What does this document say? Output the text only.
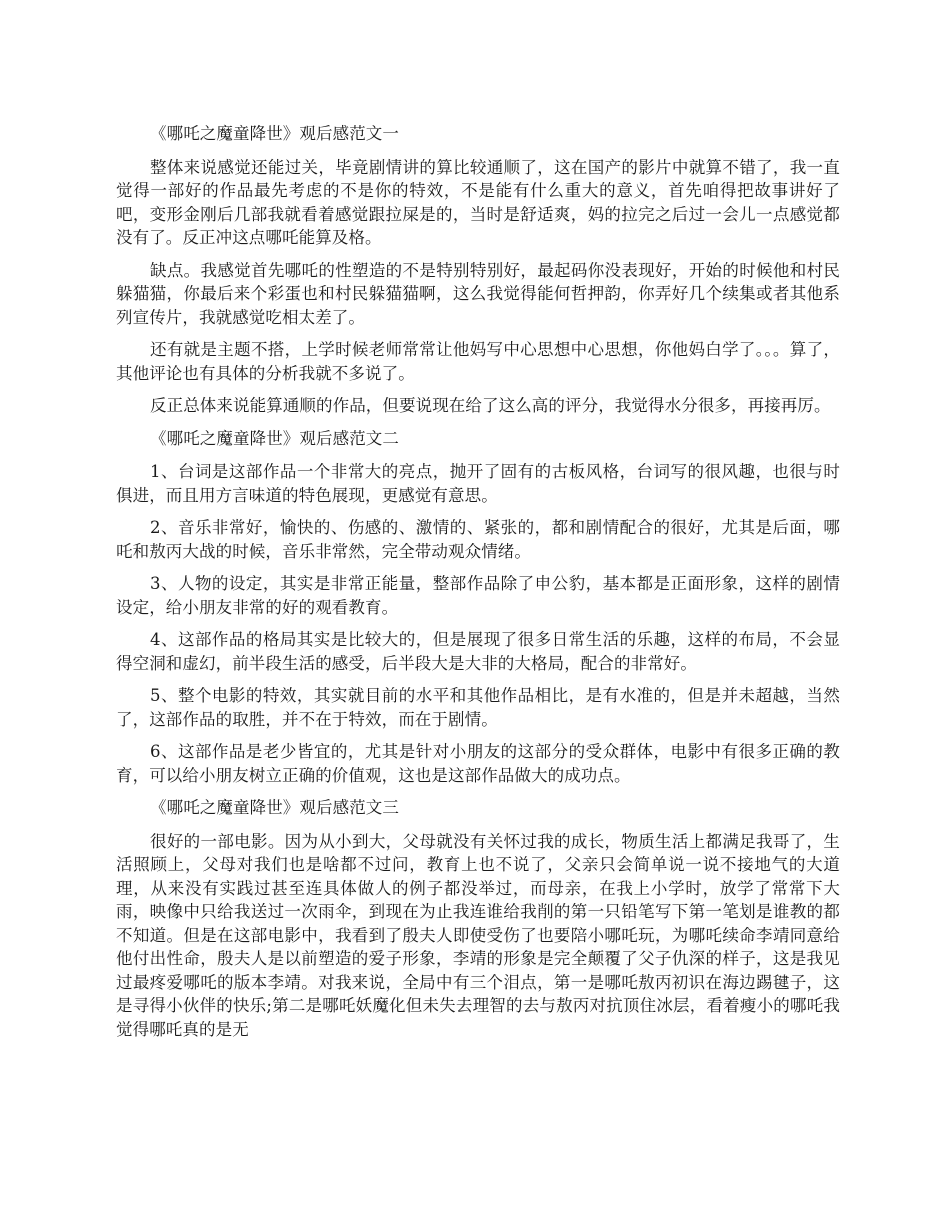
《哪吒之魔童降世》观后感范文一

整体来说感觉还能过关，毕竟剧情讲的算比较通顺了，这在国产的影片中就算不错了，我一直觉得一部好的作品最先考虑的不是你的特效，不是能有什么重大的意义，首先咱得把故事讲好了吧，变形金刚后几部我就看着感觉跟拉屎是的，当时是舒适爽，妈的拉完之后过一会儿一点感觉都没有了。反正冲这点哪吒能算及格。

缺点。我感觉首先哪吒的性塑造的不是特别特别好，最起码你没表现好，开始的时候他和村民躲猫猫，你最后来个彩蛋也和村民躲猫猫啊，这么我觉得能何哲押韵，你弄好几个续集或者其他系列宣传片，我就感觉吃相太差了。

还有就是主题不搭，上学时候老师常常让他妈写中心思想中心思想，你他妈白学了。。。算了，其他评论也有具体的分析我就不多说了。

反正总体来说能算通顺的作品，但要说现在给了这么高的评分，我觉得水分很多，再接再厉。

《哪吒之魔童降世》观后感范文二

1、台词是这部作品一个非常大的亮点，抛开了固有的古板风格，台词写的很风趣，也很与时俱进，而且用方言味道的特色展现，更感觉有意思。

2、音乐非常好，愉快的、伤感的、激情的、紧张的，都和剧情配合的很好，尤其是后面，哪吒和敖丙大战的时候，音乐非常然，完全带动观众情绪。

3、人物的设定，其实是非常正能量，整部作品除了申公豹，基本都是正面形象，这样的剧情设定，给小朋友非常的好的观看教育。

4、这部作品的格局其实是比较大的，但是展现了很多日常生活的乐趣，这样的布局，不会显得空洞和虚幻，前半段生活的感受，后半段大是大非的大格局，配合的非常好。

5、整个电影的特效，其实就目前的水平和其他作品相比，是有水准的，但是并未超越，当然了，这部作品的取胜，并不在于特效，而在于剧情。

6、这部作品是老少皆宜的，尤其是针对小朋友的这部分的受众群体，电影中有很多正确的教育，可以给小朋友树立正确的价值观，这也是这部作品做大的成功点。

《哪吒之魔童降世》观后感范文三

很好的一部电影。因为从小到大，父母就没有关怀过我的成长，物质生活上都满足我哥了，生活照顾上，父母对我们也是啥都不过问，教育上也不说了，父亲只会简单说一说不接地气的大道理，从来没有实践过甚至连具体做人的例子都没举过，而母亲，在我上小学时，放学了常常下大雨，映像中只给我送过一次雨伞，到现在为止我连谁给我削的第一只铅笔写下第一笔划是谁教的都不知道。但是在这部电影中，我看到了殷夫人即使受伤了也要陪小哪吒玩，为哪吒续命李靖同意给他付出性命，殷夫人是以前塑造的爱子形象，李靖的形象是完全颠覆了父子仇深的样子，这是我见过最疼爱哪吒的版本李靖。对我来说，全局中有三个泪点，第一是哪吒敖丙初识在海边踢毽子，这是寻得小伙伴的快乐;第二是哪吒妖魔化但未失去理智的去与敖丙对抗顶住冰层，看着瘦小的哪吒我觉得哪吒真的是无
